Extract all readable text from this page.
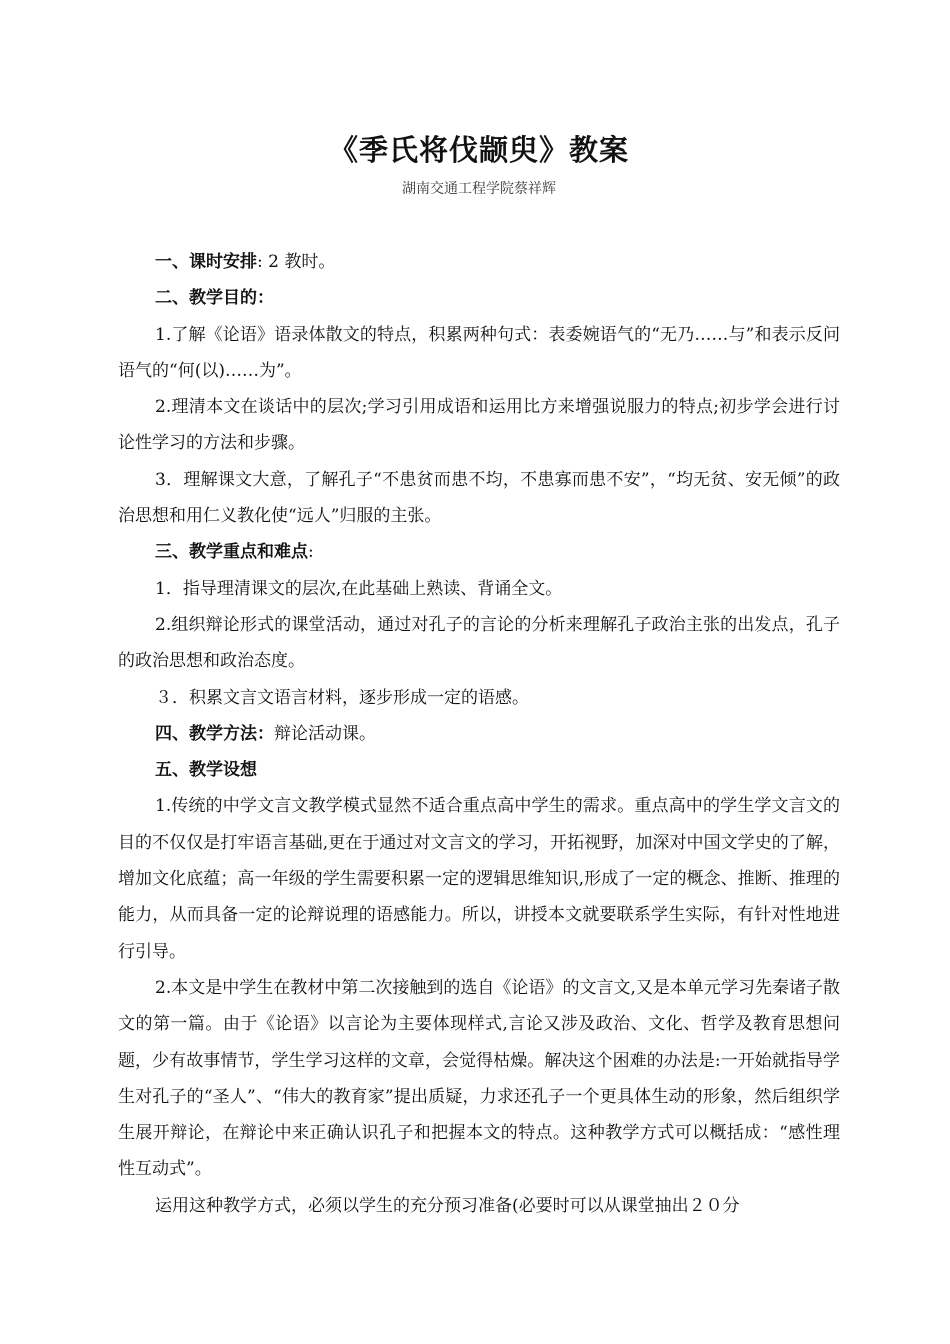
《季氏将伐颛臾》教案
湖南交通工程学院蔡祥辉

一、课时安排: 2 教时。

二、教学目的：

1.了解《论语》语录体散文的特点，积累两种句式：表委婉语气的“无乃……与”和表示反问语气的“何(以)……为”。

2.理清本文在谈话中的层次;学习引用成语和运用比方来增强说服力的特点;初步学会进行讨论性学习的方法和步骤。

3．理解课文大意，了解孔子“不患贫而患不均，不患寡而患不安”，“均无贫、安无倾”的政治思想和用仁义教化使“远人”归服的主张。

三、教学重点和难点:

1．指导理清课文的层次,在此基础上熟读、背诵全文。

2.组织辩论形式的课堂活动，通过对孔子的言论的分析来理解孔子政治主张的出发点，孔子的政治思想和政治态度。

３．积累文言文语言材料，逐步形成一定的语感。

四、教学方法：辩论活动课。

五、教学设想

1.传统的中学文言文教学模式显然不适合重点高中学生的需求。重点高中的学生学文言文的目的不仅仅是打牢语言基础,更在于通过对文言文的学习，开拓视野，加深对中国文学史的了解，增加文化底蕴；高一年级的学生需要积累一定的逻辑思维知识,形成了一定的概念、推断、推理的能力，从而具备一定的论辩说理的语感能力。所以，讲授本文就要联系学生实际，有针对性地进行引导。

2.本文是中学生在教材中第二次接触到的选自《论语》的文言文,又是本单元学习先秦诸子散文的第一篇。由于《论语》以言论为主要体现样式,言论又涉及政治、文化、哲学及教育思想问题，少有故事情节，学生学习这样的文章，会觉得枯燥。解决这个困难的办法是:一开始就指导学生对孔子的“圣人”、“伟大的教育家”提出质疑，力求还孔子一个更具体生动的形象，然后组织学生展开辩论，在辩论中来正确认识孔子和把握本文的特点。这种教学方式可以概括成：“感性理性互动式”。

运用这种教学方式，必须以学生的充分预习准备(必要时可以从课堂抽出２０分
